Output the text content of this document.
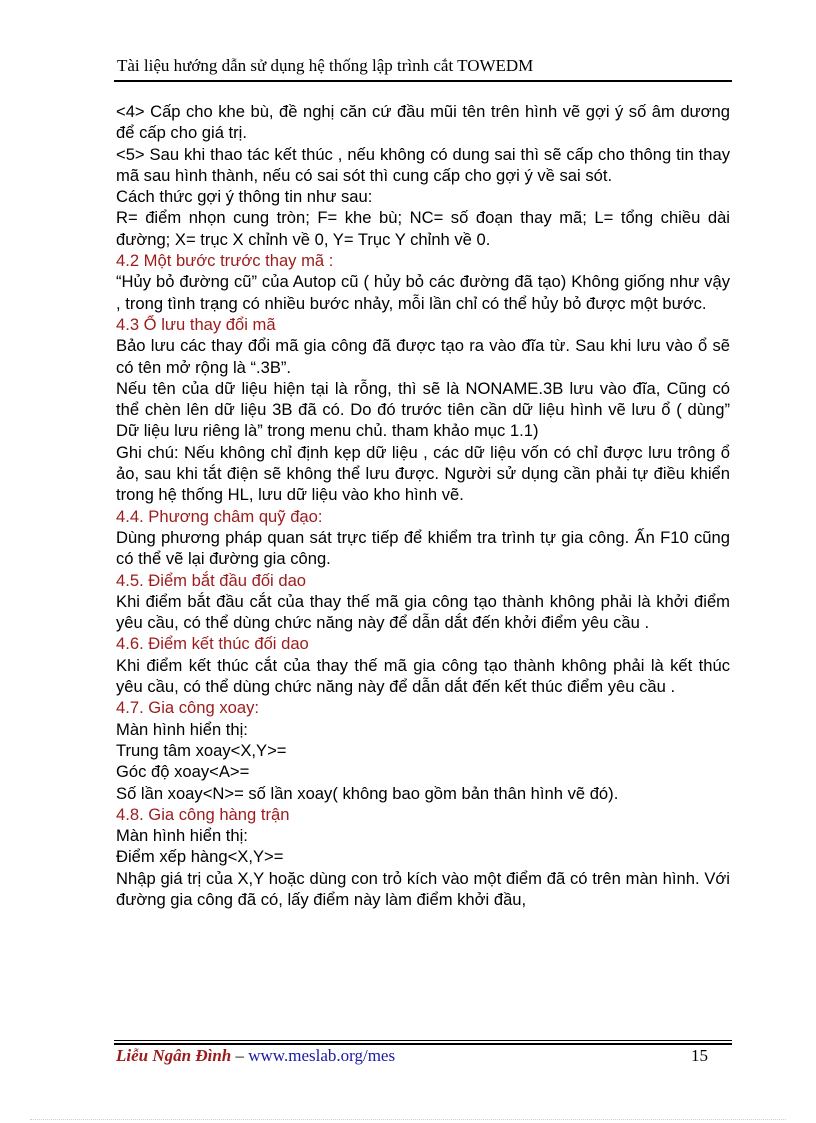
Tài liệu hướng dẫn sử dụng hệ thống lập trình cắt TOWEDM

<4> Cấp cho khe bù, đề nghị căn cứ đầu mũi tên trên hình vẽ gợi ý số âm dương để cấp cho giá trị.

<5> Sau khi thao tác kết thúc , nếu không có dung sai thì sẽ cấp cho thông tin thay mã sau hình thành, nếu có sai sót thì cung cấp cho gợi ý về sai sót.

Cách thức gợi ý thông tin như sau:

R= điểm nhọn cung tròn; F= khe bù; NC= số đoạn thay mã; L= tổng chiều dài đường; X= trục X chỉnh về 0, Y= Trục Y chỉnh về 0.

4.2 Một bước trước thay mã :

“Hủy bỏ đường cũ” của Autop cũ ( hủy bỏ các đường đã tạo) Không giống như vậy , trong tình trạng có nhiều bước nhảy, mỗi lần chỉ có thể hủy bỏ được một bước.

4.3 Ổ lưu thay đổi mã

Bảo lưu các thay đổi mã gia công đã được tạo ra vào đĩa từ. Sau khi lưu vào ổ sẽ có tên mở rộng là “.3B”.

Nếu tên của dữ liệu hiện tại là rỗng, thì sẽ là NONAME.3B lưu vào đĩa, Cũng có thể chèn lên dữ liệu 3B đã có. Do đó trước tiên cần dữ liệu hình vẽ lưu ổ ( dùng” Dữ liệu lưu riêng là” trong menu chủ. tham khảo mục 1.1)

Ghi chú: Nếu không chỉ định kẹp dữ liệu , các dữ liệu vốn có chỉ được lưu trông ổ ảo, sau khi tắt điện sẽ không thể lưu được. Người sử dụng cần phải tự điều khiển trong hệ thống HL, lưu dữ liệu vào kho hình vẽ.

4.4. Phương châm quỹ đạo:

Dùng phương pháp quan sát trực tiếp để khiểm tra trình tự gia công. Ấn F10 cũng có thể vẽ lại đường gia công.

4.5. Điểm bắt đầu đối dao

Khi điểm bắt đầu cắt của thay thế mã gia công tạo thành không phải là khởi điểm yêu cầu, có thể dùng chức năng này để dẫn dắt đến khởi điểm yêu cầu .

4.6. Điểm kết thúc đối dao

Khi điểm kết thúc cắt của thay thế mã gia công tạo thành không phải là kết thúc yêu cầu, có thể dùng chức năng này để dẫn dắt đến kết thúc điểm yêu cầu .

4.7. Gia công xoay:

Màn hình hiển thị:

Trung tâm xoay<X,Y>=

Góc độ xoay<A>=

Số lần xoay<N>= số lần xoay( không bao gồm bản thân hình vẽ đó).

4.8. Gia công hàng trận

Màn hình hiển thị:

Điểm xếp hàng<X,Y>=

Nhập giá trị của X,Y hoặc dùng con trỏ kích vào một điểm đã có trên màn hình. Với đường gia công đã có, lấy điểm này làm điểm khởi đầu,

Liễu Ngân Đình – www.meslab.org/mes	15
